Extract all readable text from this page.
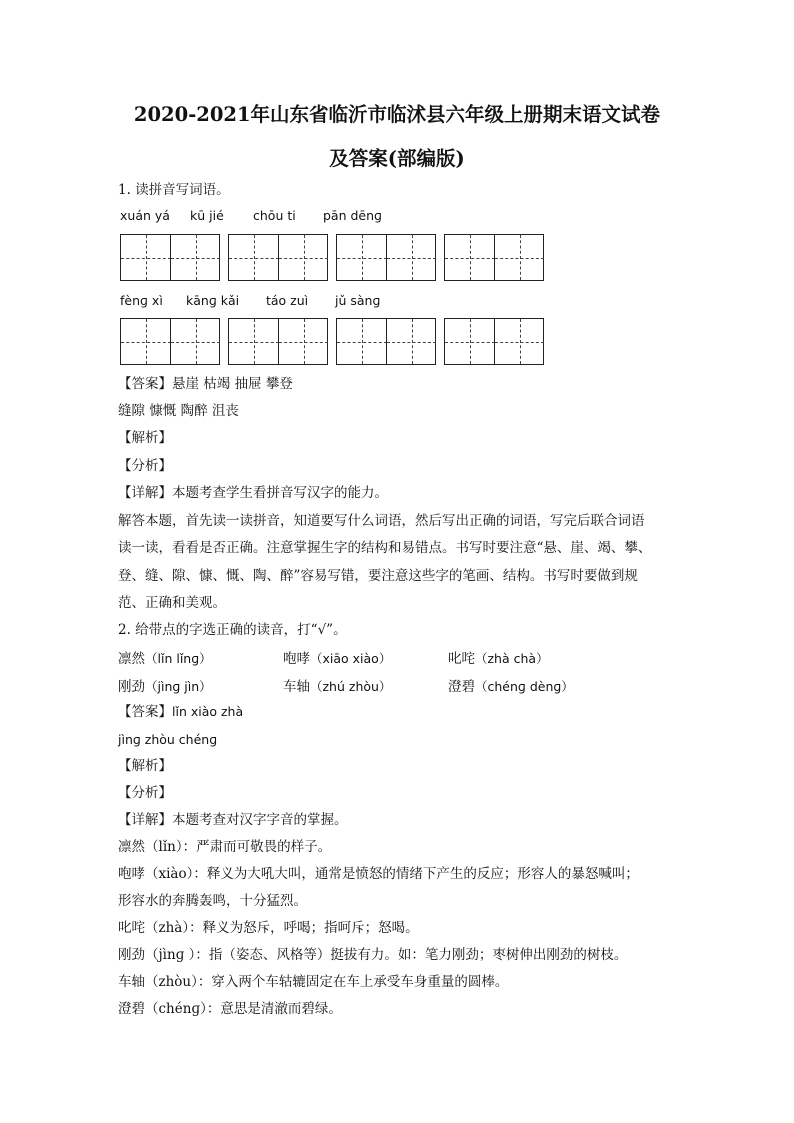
2020-2021年山东省临沂市临沭县六年级上册期末语文试卷
及答案(部编版)
1. 读拼音写词语。
xuán yá kū jié chōu ti pān dēnɡ
fènɡ xì kānɡ kǎi táo zuì jǔ sànɡ
【答案】悬崖 枯竭 抽屉 攀登
缝隙 慷慨 陶醉 沮丧
【解析】
【分析】
【详解】本题考查学生看拼音写汉字的能力。
解答本题，首先读一读拼音，知道要写什么词语，然后写出正确的词语，写完后联合词语
读一读，看看是否正确。注意掌握生字的结构和易错点。书写时要注意“悬、崖、竭、攀、
登、缝、隙、慷、慨、陶、醉”容易写错，要注意这些字的笔画、结构。书写时要做到规
范、正确和美观。
2. 给带点的字选正确的读音，打“√”。
凛然（lǐn lǐnɡ）	咆哮（xiāo xiào）	叱咤（zhà chà）
刚劲（jìnɡ jìn）	车轴（zhú zhòu）	澄碧（chénɡ dènɡ）
【答案】lǐn xiào zhà
jìnɡ zhòu chénɡ
【解析】
【分析】
【详解】本题考查对汉字字音的掌握。
凛然（lǐn）：严肃而可敬畏的样子。
咆哮（xiào）：释义为大吼大叫，通常是愤怒的情绪下产生的反应；形容人的暴怒喊叫；
形容水的奔腾轰鸣，十分猛烈。
叱咤（zhà）：释义为怒斥，呼喝；指呵斥；怒喝。
刚劲（jìnɡ ）：指（姿态、风格等）挺拔有力。如：笔力刚劲；枣树伸出刚劲的树枝。
车轴（zhòu）：穿入两个车轱辘固定在车上承受车身重量的圆棒。
澄碧（chénɡ）：意思是清澈而碧绿。
